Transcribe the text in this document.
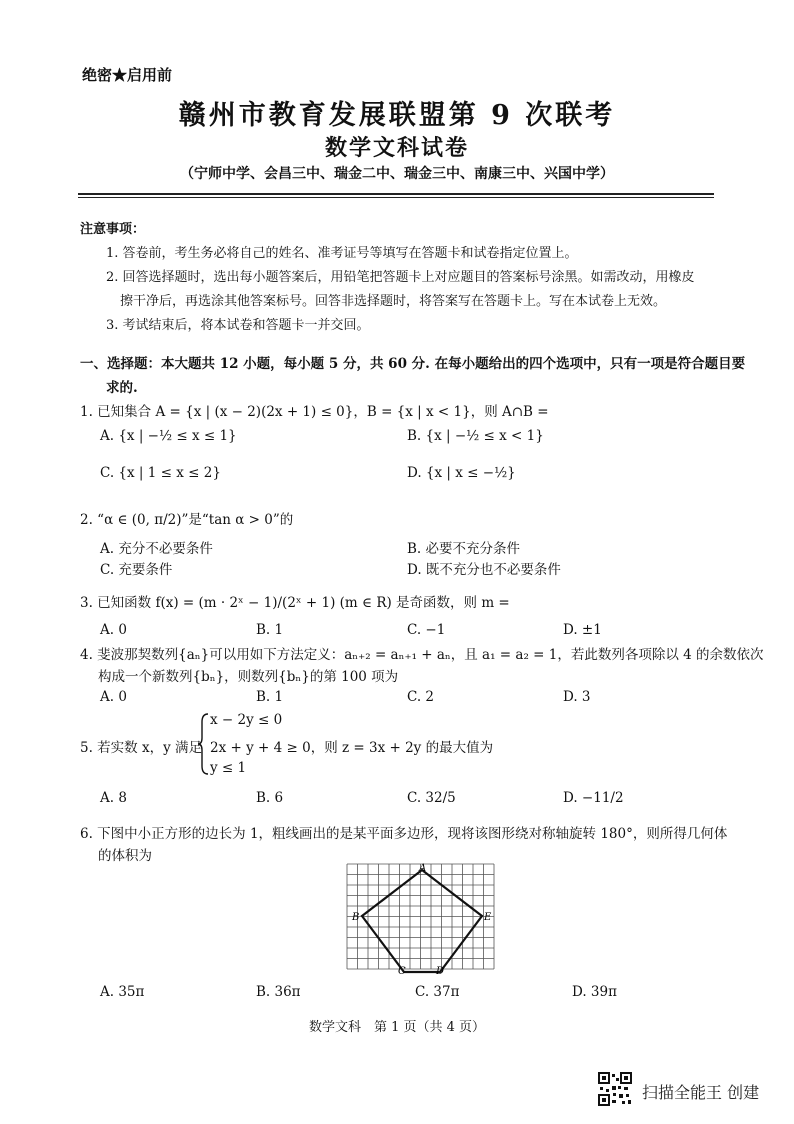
绝密★启用前
赣州市教育发展联盟第 9 次联考
数学文科试卷
（宁师中学、会昌三中、瑞金二中、瑞金三中、南康三中、兴国中学）
注意事项：
1. 答卷前，考生务必将自己的姓名、准考证号等填写在答题卡和试卷指定位置上。
2. 回答选择题时，选出每小题答案后，用铅笔把答题卡上对应题目的答案标号涂黑。如需改动，用橡皮
擦干净后，再选涂其他答案标号。回答非选择题时，将答案写在答题卡上。写在本试卷上无效。
3. 考试结束后，将本试卷和答题卡一并交回。
一、选择题：本大题共 12 小题，每小题 5 分，共 60 分. 在每小题给出的四个选项中，只有一项是符合题目要
求的.
1. 已知集合 A = {x | (x − 2)(2x + 1) ≤ 0}，B = {x | x < 1}，则 A∩B =
A. {x | −½ ≤ x ≤ 1}	B. {x | −½ ≤ x < 1}
C. {x | 1 ≤ x ≤ 2}	D. {x | x ≤ −½}
2. “α ∈ (0, π/2)”是“tan α > 0”的
A. 充分不必要条件	B. 必要不充分条件
C. 充要条件	D. 既不充分也不必要条件
3. 已知函数 f(x) = (m · 2ˣ − 1)/(2ˣ + 1) (m ∈ R) 是奇函数，则 m =
A. 0	B. 1	C. −1	D. ±1
4. 斐波那契数列{aₙ}可以用如下方法定义：aₙ₊₂ = aₙ₊₁ + aₙ，且 a₁ = a₂ = 1，若此数列各项除以 4 的余数依次
构成一个新数列{bₙ}，则数列{bₙ}的第 100 项为
A. 0	B. 1	C. 2	D. 3
5. 若实数 x，y 满足
x − 2y ≤ 0
2x + y + 4 ≥ 0，则 z = 3x + 2y 的最大值为
y ≤ 1
A. 8	B. 6	C. 32/5	D. −11/2
6. 下图中小正方形的边长为 1，粗线画出的是某平面多边形，现将该图形绕对称轴旋转 180°，则所得几何体
的体积为
A
B	E
C	D
A. 35π	B. 36π	C. 37π	D. 39π
数学文科　第 1 页（共 4 页）
扫描全能王 创建
